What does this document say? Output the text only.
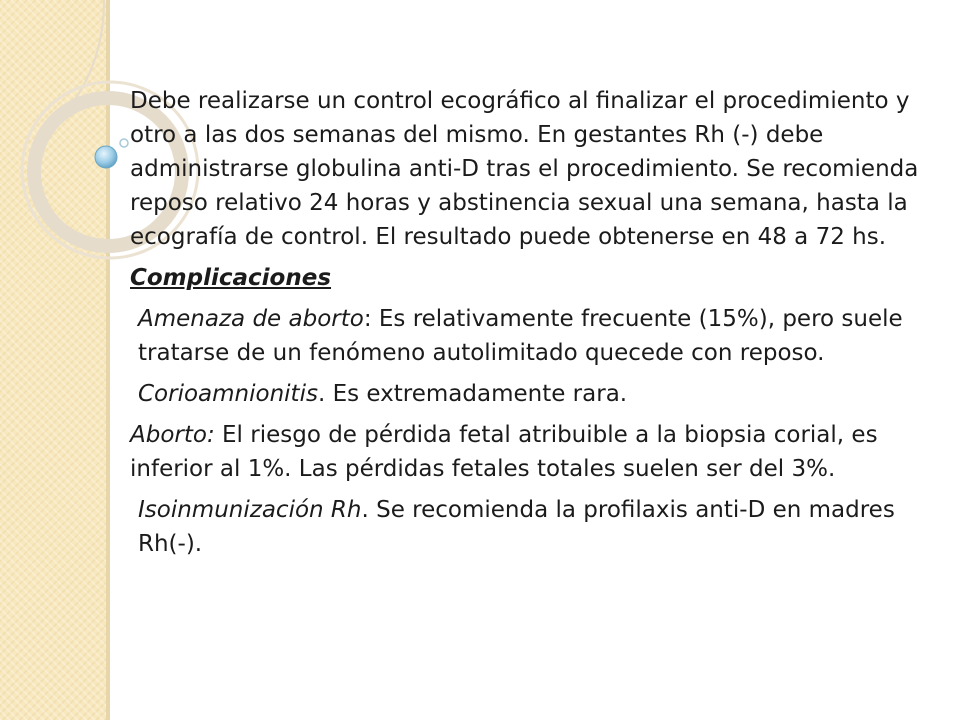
Debe realizarse un control ecográfico al finalizar el procedimiento y otro a las dos semanas del mismo. En gestantes Rh (-) debe administrarse globulina anti-D tras el procedimiento. Se recomienda reposo relativo 24 horas y abstinencia sexual una semana, hasta la ecografía de control. El resultado puede obtenerse en 48 a 72 hs.

Complicaciones

Amenaza de aborto: Es relativamente frecuente (15%), pero suele tratarse de un fenómeno autolimitado quecede con reposo.

Corioamnionitis. Es extremadamente rara.

Aborto: El riesgo de pérdida fetal atribuible a la biopsia corial, es inferior al 1%. Las pérdidas fetales totales suelen ser del 3%.

Isoinmunización Rh. Se recomienda la profilaxis anti-D en madres Rh(-).
